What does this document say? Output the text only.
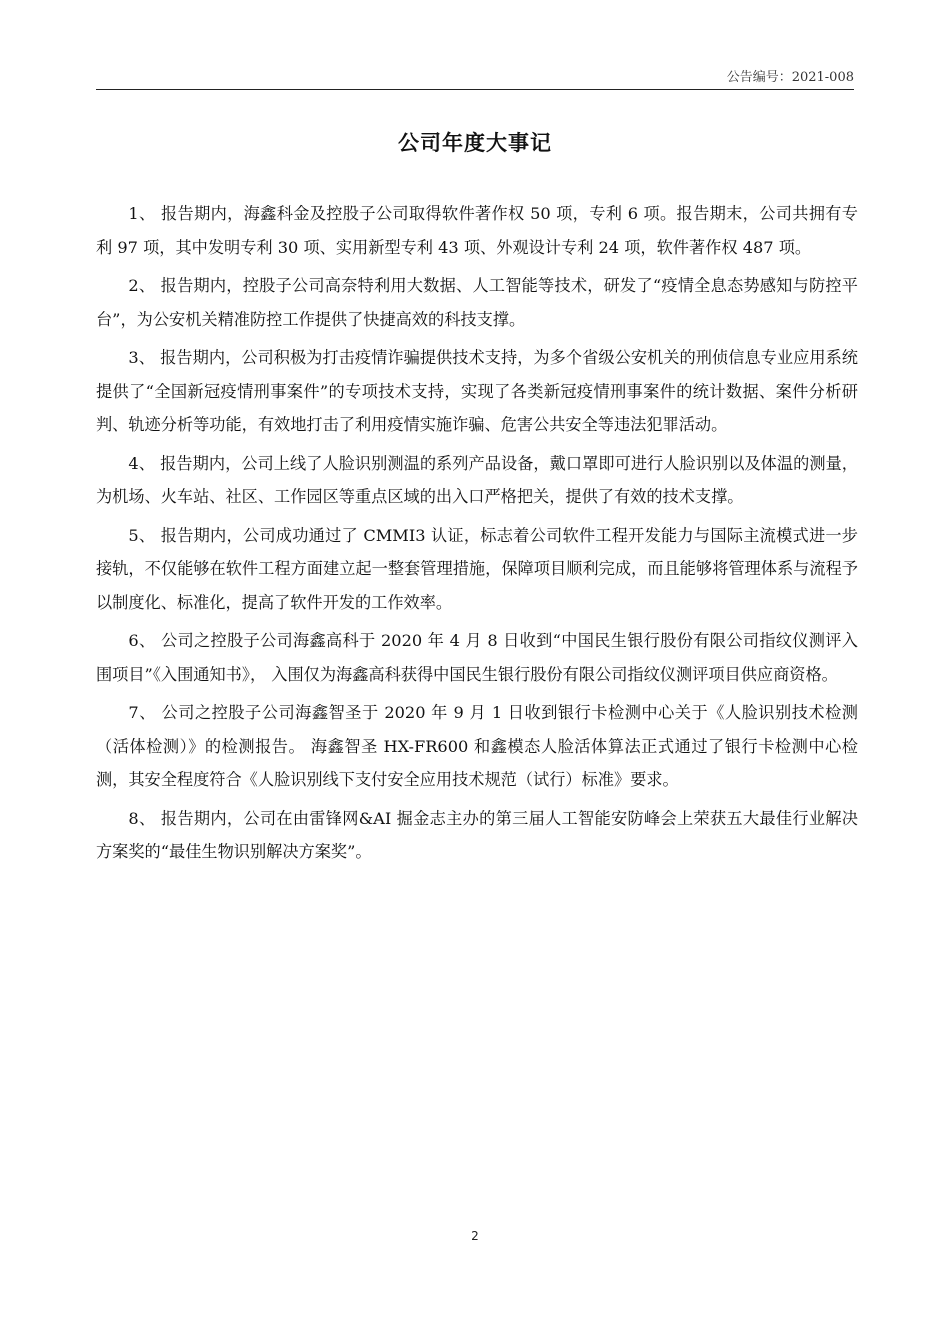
公告编号：2021-008
公司年度大事记

1、 报告期内，海鑫科金及控股子公司取得软件著作权 50 项，专利 6 项。报告期末，公司共拥有专利 97 项，其中发明专利 30 项、实用新型专利 43 项、外观设计专利 24 项，软件著作权 487 项。

2、 报告期内，控股子公司高奈特利用大数据、人工智能等技术，研发了“疫情全息态势感知与防控平台”，为公安机关精准防控工作提供了快捷高效的科技支撑。

3、 报告期内，公司积极为打击疫情诈骗提供技术支持，为多个省级公安机关的刑侦信息专业应用系统提供了“全国新冠疫情刑事案件”的专项技术支持，实现了各类新冠疫情刑事案件的统计数据、案件分析研判、轨迹分析等功能，有效地打击了利用疫情实施诈骗、危害公共安全等违法犯罪活动。

4、 报告期内，公司上线了人脸识别测温的系列产品设备，戴口罩即可进行人脸识别以及体温的测量，为机场、火车站、社区、工作园区等重点区域的出入口严格把关，提供了有效的技术支撑。

5、 报告期内，公司成功通过了 CMMI3 认证，标志着公司软件工程开发能力与国际主流模式进一步接轨，不仅能够在软件工程方面建立起一整套管理措施，保障项目顺利完成，而且能够将管理体系与流程予以制度化、标准化，提高了软件开发的工作效率。

6、 公司之控股子公司海鑫高科于 2020 年 4 月 8 日收到“中国民生银行股份有限公司指纹仪测评入围项目”《入围通知书》， 入围仅为海鑫高科获得中国民生银行股份有限公司指纹仪测评项目供应商资格。

7、 公司之控股子公司海鑫智圣于 2020 年 9 月 1 日收到银行卡检测中心关于《人脸识别技术检测（活体检测）》的检测报告。 海鑫智圣 HX-FR600 和鑫模态人脸活体算法正式通过了银行卡检测中心检测，其安全程度符合《人脸识别线下支付安全应用技术规范（试行）标准》要求。

8、 报告期内，公司在由雷锋网&AI 掘金志主办的第三届人工智能安防峰会上荣获五大最佳行业解决方案奖的“最佳生物识别解决方案奖”。

2
